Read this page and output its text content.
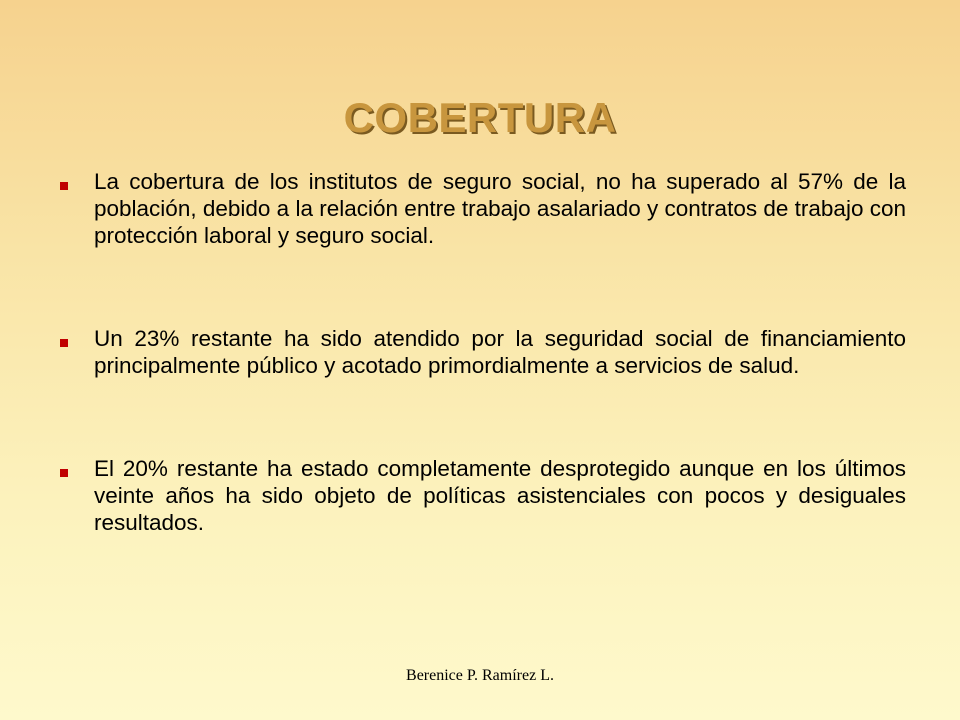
COBERTURA
La cobertura de los institutos de seguro social, no ha superado al 57% de la población, debido a la relación entre trabajo asalariado y contratos de trabajo con protección laboral y seguro social.
Un 23% restante ha sido atendido por la seguridad social de financiamiento principalmente público y acotado primordialmente a servicios de salud.
El 20% restante ha estado completamente desprotegido aunque en los últimos veinte años ha sido objeto de políticas asistenciales con pocos y desiguales resultados.
Berenice P. Ramírez L.
